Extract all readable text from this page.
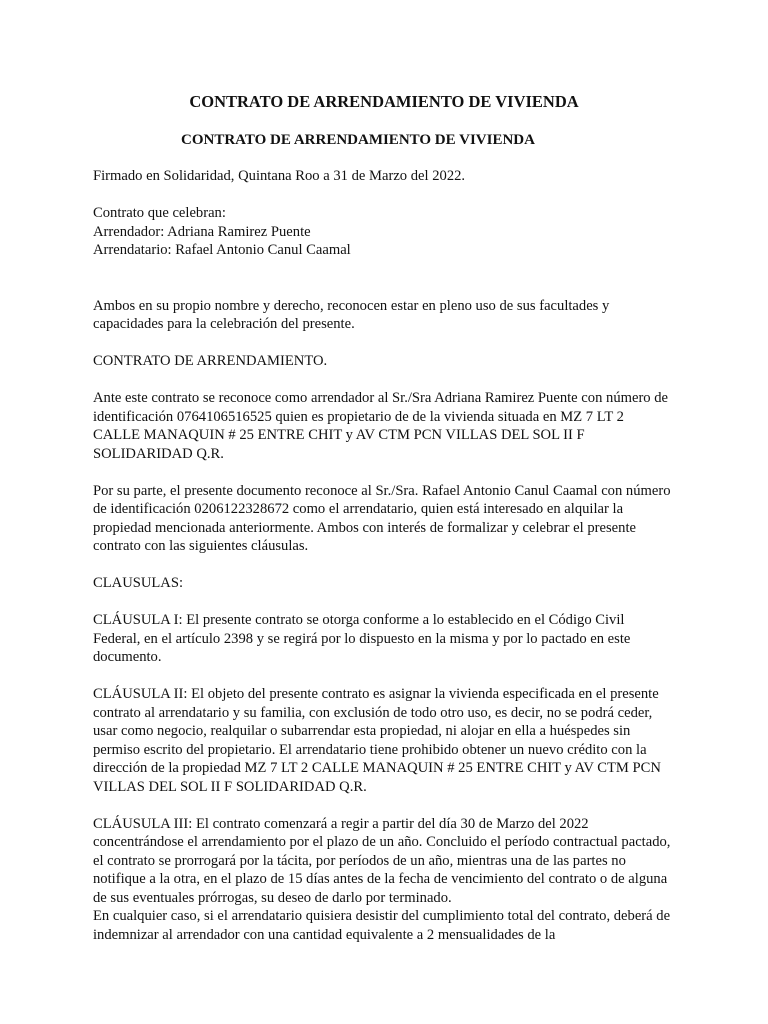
CONTRATO DE ARRENDAMIENTO DE VIVIENDA
CONTRATO DE ARRENDAMIENTO DE VIVIENDA

Firmado en Solidaridad, Quintana Roo a 31 de Marzo del 2022.

Contrato que celebran:
Arrendador: Adriana Ramirez Puente
Arrendatario: Rafael Antonio Canul Caamal

Ambos en su propio nombre y derecho, reconocen estar en pleno uso de sus facultades y capacidades para la celebración del presente.

CONTRATO DE ARRENDAMIENTO.

Ante este contrato se reconoce como arrendador al Sr./Sra Adriana Ramirez Puente con número de identificación 0764106516525 quien es propietario de de la vivienda situada en MZ 7 LT 2 CALLE MANAQUIN # 25 ENTRE CHIT y AV CTM PCN VILLAS DEL SOL II F SOLIDARIDAD Q.R.

Por su parte, el presente documento reconoce al Sr./Sra. Rafael Antonio Canul Caamal con número de identificación 0206122328672 como el arrendatario, quien está interesado en alquilar la propiedad mencionada anteriormente. Ambos con interés de formalizar y celebrar el presente contrato con las siguientes cláusulas.

CLAUSULAS:

CLÁUSULA I: El presente contrato se otorga conforme a lo establecido en el Código Civil Federal, en el artículo 2398 y se regirá por lo dispuesto en la misma y por lo pactado en este documento.

CLÁUSULA II: El objeto del presente contrato es asignar la vivienda especificada en el presente contrato al arrendatario y su familia, con exclusión de todo otro uso, es decir, no se podrá ceder, usar como negocio, realquilar o subarrendar esta propiedad, ni alojar en ella a huéspedes sin permiso escrito del propietario. El arrendatario tiene prohibido obtener un nuevo crédito con la dirección de la propiedad MZ 7 LT 2 CALLE MANAQUIN # 25 ENTRE CHIT y AV CTM PCN VILLAS DEL SOL II F SOLIDARIDAD Q.R.

CLÁUSULA III: El contrato comenzará a regir a partir del día 30 de Marzo del 2022 concentrándose el arrendamiento por el plazo de un año. Concluido el período contractual pactado, el contrato se prorrogará por la tácita, por períodos de un año, mientras una de las partes no notifique a la otra, en el plazo de 15 días antes de la fecha de vencimiento del contrato o de alguna de sus eventuales prórrogas, su deseo de darlo por terminado.

En cualquier caso, si el arrendatario quisiera desistir del cumplimiento total del contrato, deberá de indemnizar al arrendador con una cantidad equivalente a 2 mensualidades de la
